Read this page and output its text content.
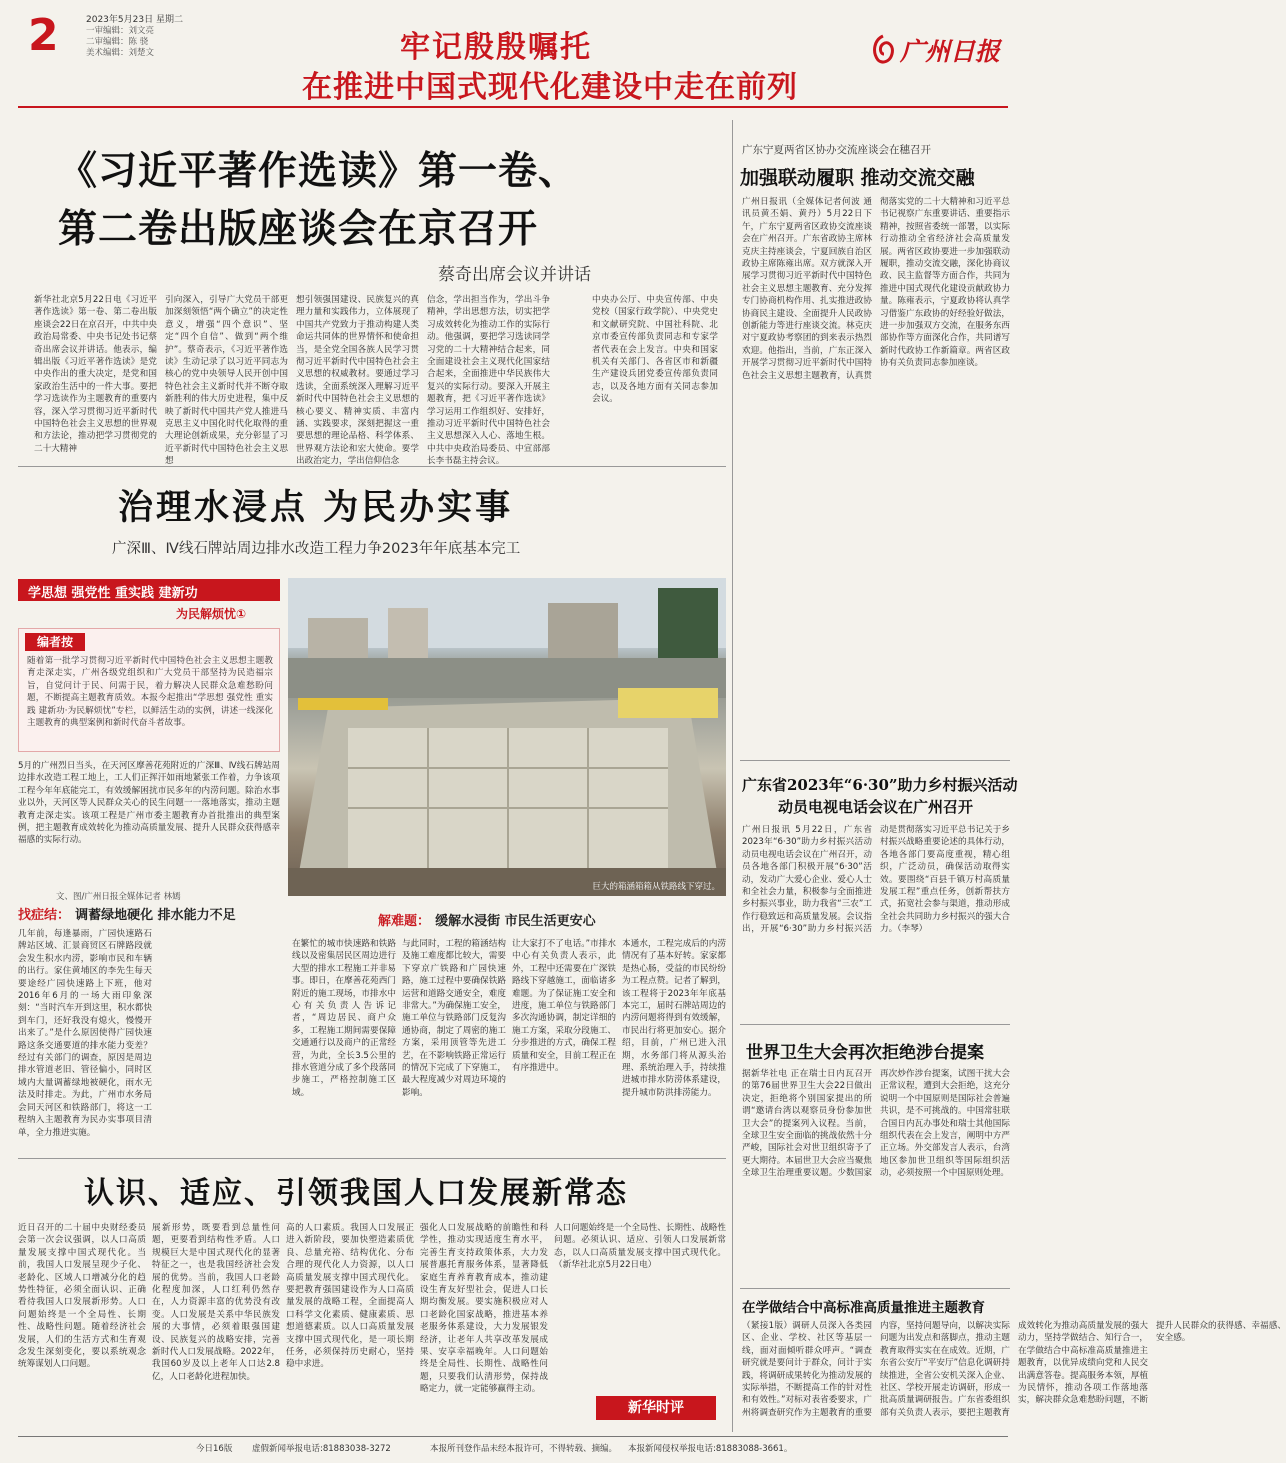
2	2023年5月23日 星期二
一审编辑：刘文亮
二审编辑：陈 骁
美术编辑：刘楚文	牢记殷殷嘱托
在推进中国式现代化建设中走在前列
广州日报
《习近平著作选读》第一卷、
第二卷出版座谈会在京召开
蔡奇出席会议并讲话
新华社北京5月22日电《习近平著作选读》第一卷、第二卷出版座谈会22日在京召开，中共中央政治局常委、中央书记处书记蔡奇出席会议并讲话。他表示，编辑出版《习近平著作选读》是党中央作出的重大决定，是党和国家政治生活中的一件大事。要把学习选读作为主题教育的重要内容，深入学习贯彻习近平新时代中国特色社会主义思想的世界观和方法论，推动把学习贯彻党的二十大精神
引向深入，引导广大党员干部更加深刻领悟“两个确立”的决定性意义，增强“四个意识”、坚定“四个自信”、做到“两个维护”。蔡奇表示，《习近平著作选读》生动记录了以习近平同志为核心的党中央领导人民开创中国特色社会主义新时代并不断夺取新胜利的伟大历史进程，集中反映了新时代中国共产党人推进马克思主义中国化时代化取得的重大理论创新成果，充分彰显了习近平新时代中国特色社会主义思想
想引领强国建设、民族复兴的真理力量和实践伟力，立体展现了中国共产党致力于推动构建人类命运共同体的世界情怀和使命担当，是全党全国各族人民学习贯彻习近平新时代中国特色社会主义思想的权威教材。要通过学习选读，全面系统深入理解习近平新时代中国特色社会主义思想的核心要义、精神实质、丰富内涵、实践要求，深刻把握这一重要思想的理论品格、科学体系、世界观方法论和宏大使命。要学出政治定力，学出信仰信念
信念，学出担当作为，学出斗争精神，学出思想方法，切实把学习成效转化为推动工作的实际行动。他强调，要把学习选读同学习党的二十大精神结合起来，同全面建设社会主义现代化国家结合起来，全面推进中华民族伟大复兴的实际行动。要深入开展主题教育，把《习近平著作选读》学习运用工作组织好、安排好，推动习近平新时代中国特色社会主义思想深入人心、落地生根。中共中央政治局委员、中宣部部长李书磊主持会议。
中央办公厅、中央宣传部、中央党校（国家行政学院）、中央党史和文献研究院、中国社科院、北京市委宣传部负责同志和专家学者代表在会上发言。中央和国家机关有关部门、各省区市和新疆生产建设兵团党委宣传部负责同志，以及各地方面有关同志参加会议。
治理水浸点 为民办实事
广深Ⅲ、Ⅳ线石牌站周边排水改造工程力争2023年年底基本完工
学思想 强党性 重实践 建新功
为民解烦忧①
编者按
随着第一批学习贯彻习近平新时代中国特色社会主义思想主题教育走深走实，广州各级党组织和广大党员干部坚持为民造福宗旨，自觉问计于民、问需于民，着力解决人民群众急难愁盼问题，不断提高主题教育质效。本报今起推出“学思想 强党性 重实践 建新功·为民解烦忧”专栏，以鲜活生动的实例，讲述一线深化主题教育的典型案例和新时代奋斗者故事。
5月的广州烈日当头，在天河区摩善花苑附近的广深Ⅲ、Ⅳ线石牌站周边排水改造工程工地上，工人们正挥汗如雨地紧张工作着，力争该项工程今年年底能完工，有效缓解困扰市民多年的内涝问题。除治水事业以外，天河区等人民群众关心的民生问题一一落地落实，推动主题教育走深走实。该项工程是广州市委主题教育办首批推出的典型案例，把主题教育成效转化为推动高质量发展、提升人民群众获得感幸福感的实际行动。
文、图/广州日报全媒体记者 林嫣
巨大的箱涵箱箱从铁路线下穿过。
找症结： 调蓄绿地硬化 排水能力不足
几年前，每逢暴雨，广园快速路石牌站区域、汇景商贸区石牌路段就会发生积水内涝，影响市民和车辆的出行。家住黄埔区的李先生每天要途经广园快速路上下班，他对2016年6月的一场大雨印象深刻：“当时汽车开到这里，积水都快到车门，还好我没有熄火，慢慢开出来了。”是什么原因使得广园快速路这条交通要道的排水能力变差？经过有关部门的调查，原因是周边排水管道老旧、管径偏小，同时区域内大量调蓄绿地被硬化，雨水无法及时排走。为此，广州市水务局会同天河区和铁路部门，将这一工程纳入主题教育为民办实事项目清单，全力推进实施。
解难题： 缓解水浸街 市民生活更安心
在繁忙的城市快速路和铁路线以及密集居民区周边进行大型的排水工程施工并非易事。即日，在摩善花苑西门附近的施工现场，市排水中心有关负责人告诉记者，“周边居民、商户众多，工程施工期间需要保障交通通行以及商户的正常经营，为此，全长3.5公里的排水管道分成了多个段落同步施工，严格控制施工区域。
与此同时，工程的箱涵结构及施工难度都比较大，需要下穿京广铁路和广园快速路，施工过程中要确保铁路运营和道路交通安全，难度非常大。”为确保施工安全，施工单位与铁路部门反复沟通协商，制定了周密的施工方案，采用顶管等先进工艺，在不影响铁路正常运行的情况下完成了下穿施工，最大程度减少对周边环境的影响。
让大家打不了电话。”市排水中心有关负责人表示，此外，工程中还需要在广深铁路线下穿越施工，面临诸多难题。为了保证施工安全和进度，施工单位与铁路部门多次沟通协调，制定详细的施工方案，采取分段施工、分步推进的方式，确保工程质量和安全，目前工程正在有序推进中。
本通水，工程完成后的内涝情况有了基本好转。家家都是热心肠，受益的市民纷纷为工程点赞。记者了解到，该工程将于2023年年底基本完工，届时石牌站周边的内涝问题将得到有效缓解，市民出行将更加安心。据介绍，目前，广州已进入汛期，水务部门将从源头治理、系统治理入手，持续推进城市排水防涝体系建设，提升城市防洪排涝能力。
认识、适应、引领我国人口发展新常态
近日召开的二十届中央财经委员会第一次会议强调，以人口高质量发展支撑中国式现代化。当前，我国人口发展呈现少子化、老龄化、区域人口增减分化的趋势性特征，必须全面认识、正确看待我国人口发展新形势。人口问题始终是一个全局性、长期性、战略性问题。随着经济社会发展，人们的生活方式和生育观念发生深刻变化，要以系统观念统筹谋划人口问题。
展新形势，既要看到总量性问题，更要看到结构性矛盾。人口规模巨大是中国式现代化的显著特征之一，也是我国经济社会发展的优势。当前，我国人口老龄化程度加深，人口红利仍然存在，人力资源丰富的优势没有改变。人口发展是关系中华民族发展的大事情，必须着眼强国建设、民族复兴的战略安排，完善新时代人口发展战略。2022年，我国60岁及以上老年人口达2.8亿，人口老龄化进程加快。
高的人口素质。我国人口发展正进入新阶段，要加快塑造素质优良、总量充裕、结构优化、分布合理的现代化人力资源，以人口高质量发展支撑中国式现代化。要把教育强国建设作为人口高质量发展的战略工程，全面提高人口科学文化素质、健康素质、思想道德素质。以人口高质量发展支撑中国式现代化，是一项长期任务，必须保持历史耐心，坚持稳中求进。
强化人口发展战略的前瞻性和科学性，推动实现适度生育水平，完善生育支持政策体系，大力发展普惠托育服务体系，显著降低家庭生育养育教育成本，推动建设生育友好型社会，促进人口长期均衡发展。要实施积极应对人口老龄化国家战略，推进基本养老服务体系建设，大力发展银发经济，让老年人共享改革发展成果、安享幸福晚年。人口问题始终是全局性、长期性、战略性问题，只要我们认清形势，保持战略定力，就一定能够赢得主动。
人口问题始终是一个全局性、长期性、战略性问题。必须认识、适应、引领人口发展新常态，以人口高质量发展支撑中国式现代化。（新华社北京5月22日电）
新华时评
广东宁夏两省区协办交流座谈会在穗召开
加强联动履职 推动交流交融
广州日报讯（全媒体记者何波 通讯员黄丕娟、黄丹）5月22日下午，广东宁夏两省区政协交流座谈会在广州召开。广东省政协主席林克庆主持座谈会，宁夏回族自治区政协主席陈雍出席。双方就深入开展学习贯彻习近平新时代中国特色社会主义思想主题教育、充分发挥专门协商机构作用、扎实推进政协协商民主建设、全面提升人民政协创新能力等进行座谈交流。林克庆对宁夏政协考察团的到来表示热烈欢迎。他指出，当前，广东正深入开展学习贯彻习近平新时代中国特色社会主义思想主题教育，认真贯彻落实党的二十大精神和习近平总书记视察广东重要讲话、重要指示精神，按照省委统一部署，以实际行动推动全省经济社会高质量发展。两省区政协要进一步加强联动履职，推动交流交融，深化协商议政、民主监督等方面合作，共同为推进中国式现代化建设贡献政协力量。陈雍表示，宁夏政协将认真学习借鉴广东政协的好经验好做法，进一步加强双方交流，在服务东西部协作等方面深化合作，共同谱写新时代政协工作新篇章。两省区政协有关负责同志参加座谈。
广东省2023年“6·30”助力乡村振兴活动
动员电视电话会议在广州召开
广州日报讯 5月22日，广东省2023年“6·30”助力乡村振兴活动动员电视电话会议在广州召开，动员各地各部门积极开展“6·30”活动，发动广大爱心企业、爱心人士和全社会力量，积极参与全面推进乡村振兴事业，助力我省“三农”工作行稳致远和高质量发展。会议指出，开展“6·30”助力乡村振兴活动是贯彻落实习近平总书记关于乡村振兴战略重要论述的具体行动，各地各部门要高度重视，精心组织，广泛动员，确保活动取得实效。要围绕“百县千镇万村高质量发展工程”重点任务，创新帮扶方式，拓宽社会参与渠道，推动形成全社会共同助力乡村振兴的强大合力。（李琴）
世界卫生大会再次拒绝涉台提案
据新华社电 正在瑞士日内瓦召开的第76届世界卫生大会22日做出决定，拒绝将个别国家提出的所谓“邀请台湾以观察员身份参加世卫大会”的提案列入议程。当前，全球卫生安全面临的挑战依然十分严峻，国际社会对世卫组织寄予了更大期待。本届世卫大会应当聚焦全球卫生治理重要议题。少数国家再次炒作涉台提案，试图干扰大会正常议程，遭到大会拒绝，这充分说明一个中国原则是国际社会普遍共识，是不可挑战的。中国常驻联合国日内瓦办事处和瑞士其他国际组织代表在会上发言，阐明中方严正立场。外交部发言人表示，台湾地区参加世卫组织等国际组织活动，必须按照一个中国原则处理。
在学做结合中高标准高质量推进主题教育
（紧接1版）调研人员深入各类园区、企业、学校、社区等基层一线，面对面倾听群众呼声。“调查研究就是要问计于群众，问计于实践，将调研成果转化为推动发展的实际举措，不断提高工作的针对性和有效性。”对标对表省委要求，广州将调查研究作为主题教育的重要内容，坚持问题导向，以解决实际问题为出发点和落脚点，推动主题教育取得实实在在成效。近期，广东省公安厅“平安厅”信息化调研持续推进，全省公安机关深入企业、社区、学校开展走访调研，形成一批高质量调研报告。广东省委组织部有关负责人表示，要把主题教育成效转化为推动高质量发展的强大动力，坚持学做结合、知行合一，在学做结合中高标准高质量推进主题教育，以优异成绩向党和人民交出满意答卷。提高服务本领，厚植为民情怀，推动各项工作落地落实，解决群众急难愁盼问题，不断提升人民群众的获得感、幸福感、安全感。
今日16版 虚假新闻举报电话:81883038-3272	本报所刊登作品未经本报许可，不得转载、摘编。 本报新闻侵权举报电话:81883088-3661。
